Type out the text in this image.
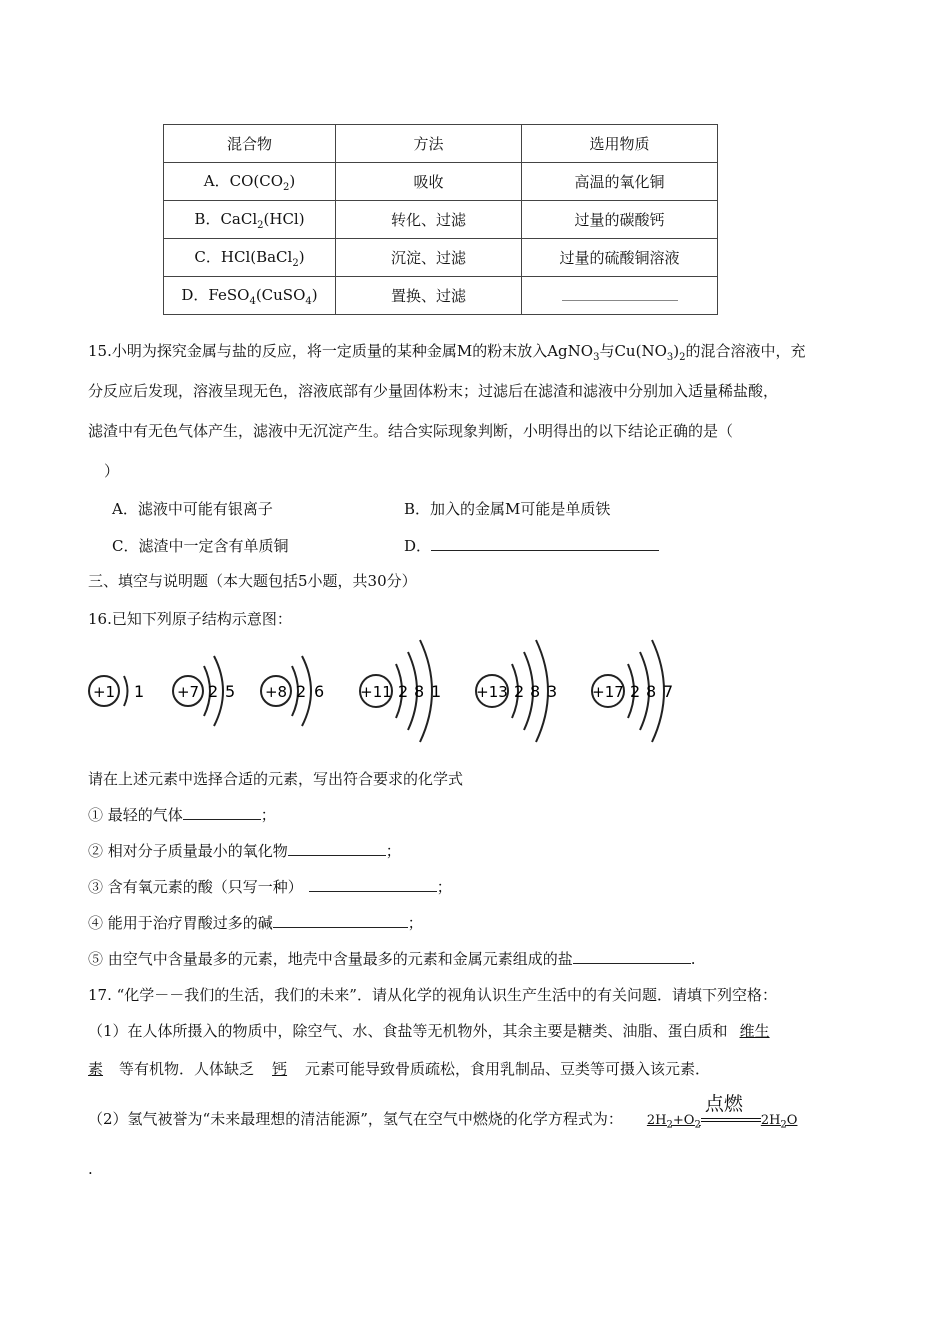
混合物	方法	选用物质
A．$CO(CO_2)$	吸收	高温的氧化铜
B．CaCl$_2$(HCl)	转化、过滤	过量的碳酸钙
C．HCl(BaCl$_2$)	沉淀、过滤	过量的硫酸铜溶液
D．FeSO$_4$(CuSO$_4$)	置换、过滤	
15.小明为探究金属与盐的反应，将一定质量的某种金属M的粉末放入AgNO$_3$与$Cu(NO_3)_2$的混合溶液中，充
分反应后发现，溶液呈现无色，溶液底部有少量固体粉末；过滤后在滤渣和滤液中分别加入适量稀盐酸，
滤渣中有无色气体产生，滤液中无沉淀产生。结合实际现象判断，小明得出的以下结论正确的是（
）
A．滤液中可能有银离子	B．加入的金属M可能是单质铁
C．滤渣中一定含有单质铜	D．
三、填空与说明题（本大题包括5小题，共30分）
16.已知下列原子结构示意图：
+1 1 +7 2 5 +8 2 6 +11 2 8 1 +13 2 8 3 +17 2 8 7
请在上述元素中选择合适的元素，写出符合要求的化学式
① 最轻的气体	；
② 相对分子质量最小的氧化物	；
③ 含有氧元素的酸（只写一种）	；
④ 能用于治疗胃酸过多的碱	；
⑤ 由空气中含量最多的元素，地壳中含量最多的元素和金属元素组成的盐	.
17. “化学－－我们的生活，我们的未来”．请从化学的视角认识生产生活中的有关问题．请填下列空格：
（1）在人体所摄入的物质中，除空气、水、食盐等无机物外，其余主要是糖类、油脂、蛋白质和 维生
素 等有机物．人体缺乏 钙 元素可能导致骨质疏松，食用乳制品、豆类等可摄入该元素．
（2）氢气被誉为“未来最理想的清洁能源”，氢气在空气中燃烧的化学方程式为： $2H_2+O_2$
点燃
$2H_2O$
.
